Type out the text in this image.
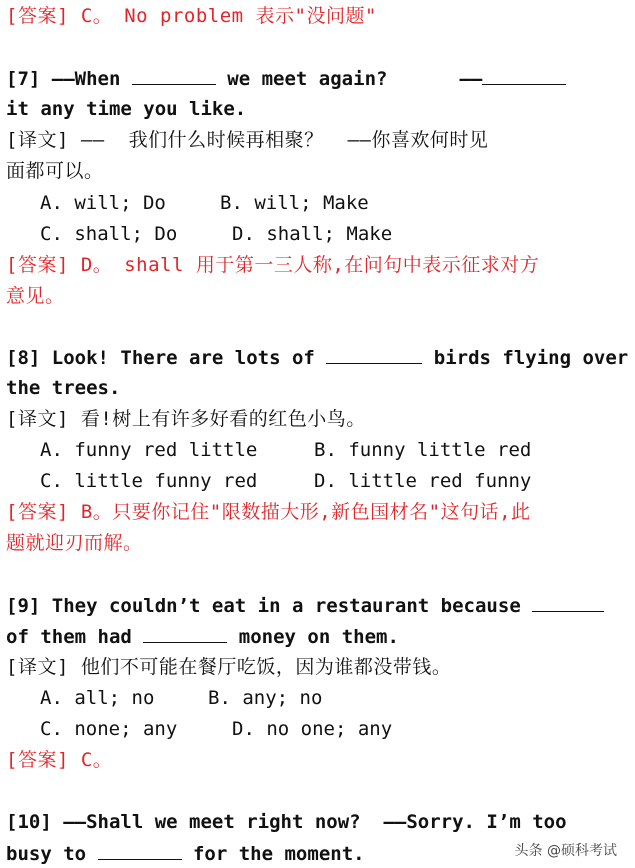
[答案] C。 No problem 表示"没问题"
[7] ——When	we meet again?	——
it any time you like.
[译文] ——  我们什么时候再相聚？  ——你喜欢何时见
面都可以。
A. will; Do	B. will; Make
C. shall; Do	D. shall; Make
[答案] D。 shall 用于第一三人称,在问句中表示征求对方
意见。
[8] Look! There are lots of	birds flying over
the trees.
[译文] 看!树上有许多好看的红色小鸟。
A. funny red little	B. funny little red
C. little funny red	D. little red funny
[答案] B。只要你记住"限数描大形,新色国材名"这句话,此
题就迎刃而解。
[9] They couldn’t eat in a restaurant because
of them had	money on them.
[译文] 他们不可能在餐厅吃饭，因为谁都没带钱。
A. all; no	B. any; no
C. none; any	D. no one; any
[答案] C。
[10] ——Shall we meet right now?  ——Sorry. I’m too
busy to	for the moment.	头条 @硕科考试
